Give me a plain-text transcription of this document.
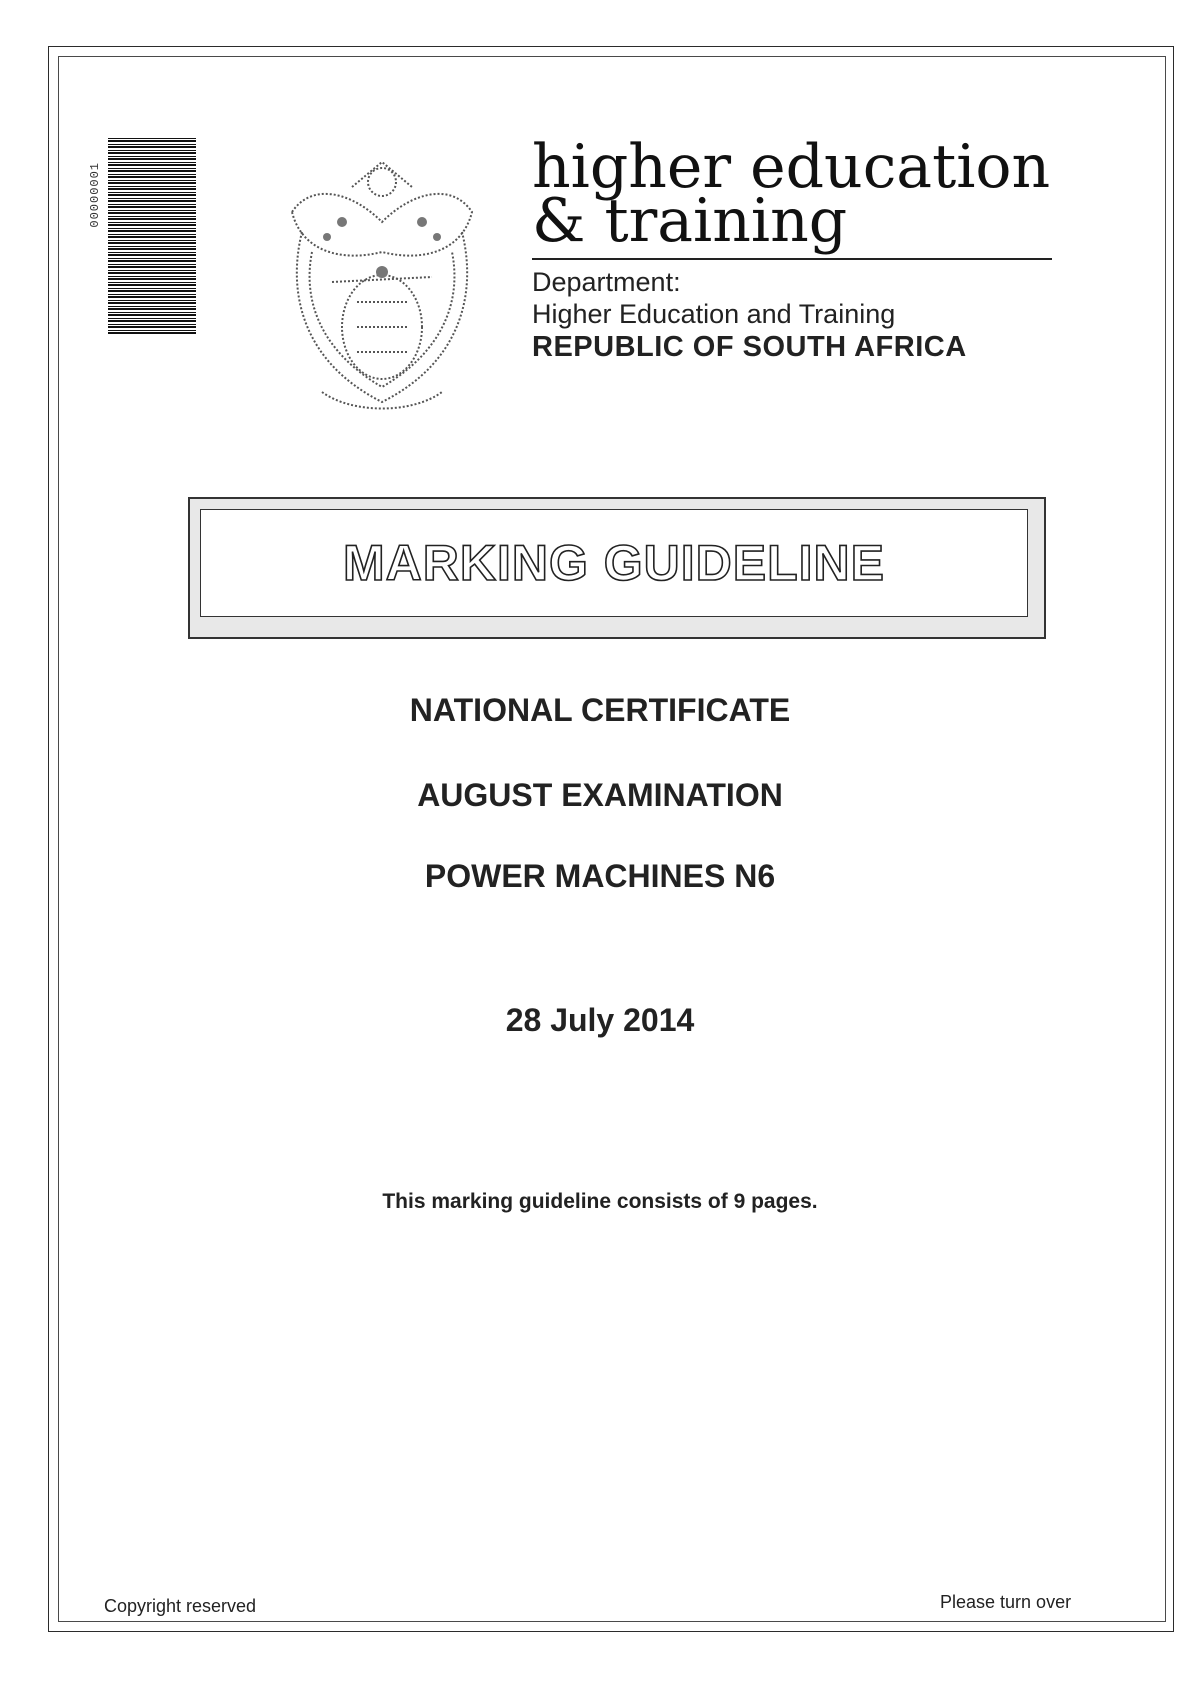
00000001	higher education
& training
Department:
Higher Education and Training
REPUBLIC OF SOUTH AFRICA
MARKING GUIDELINE
NATIONAL CERTIFICATE
AUGUST EXAMINATION
POWER MACHINES N6
28 July 2014
This marking guideline consists of 9 pages.
Copyright reserved	Please turn over
